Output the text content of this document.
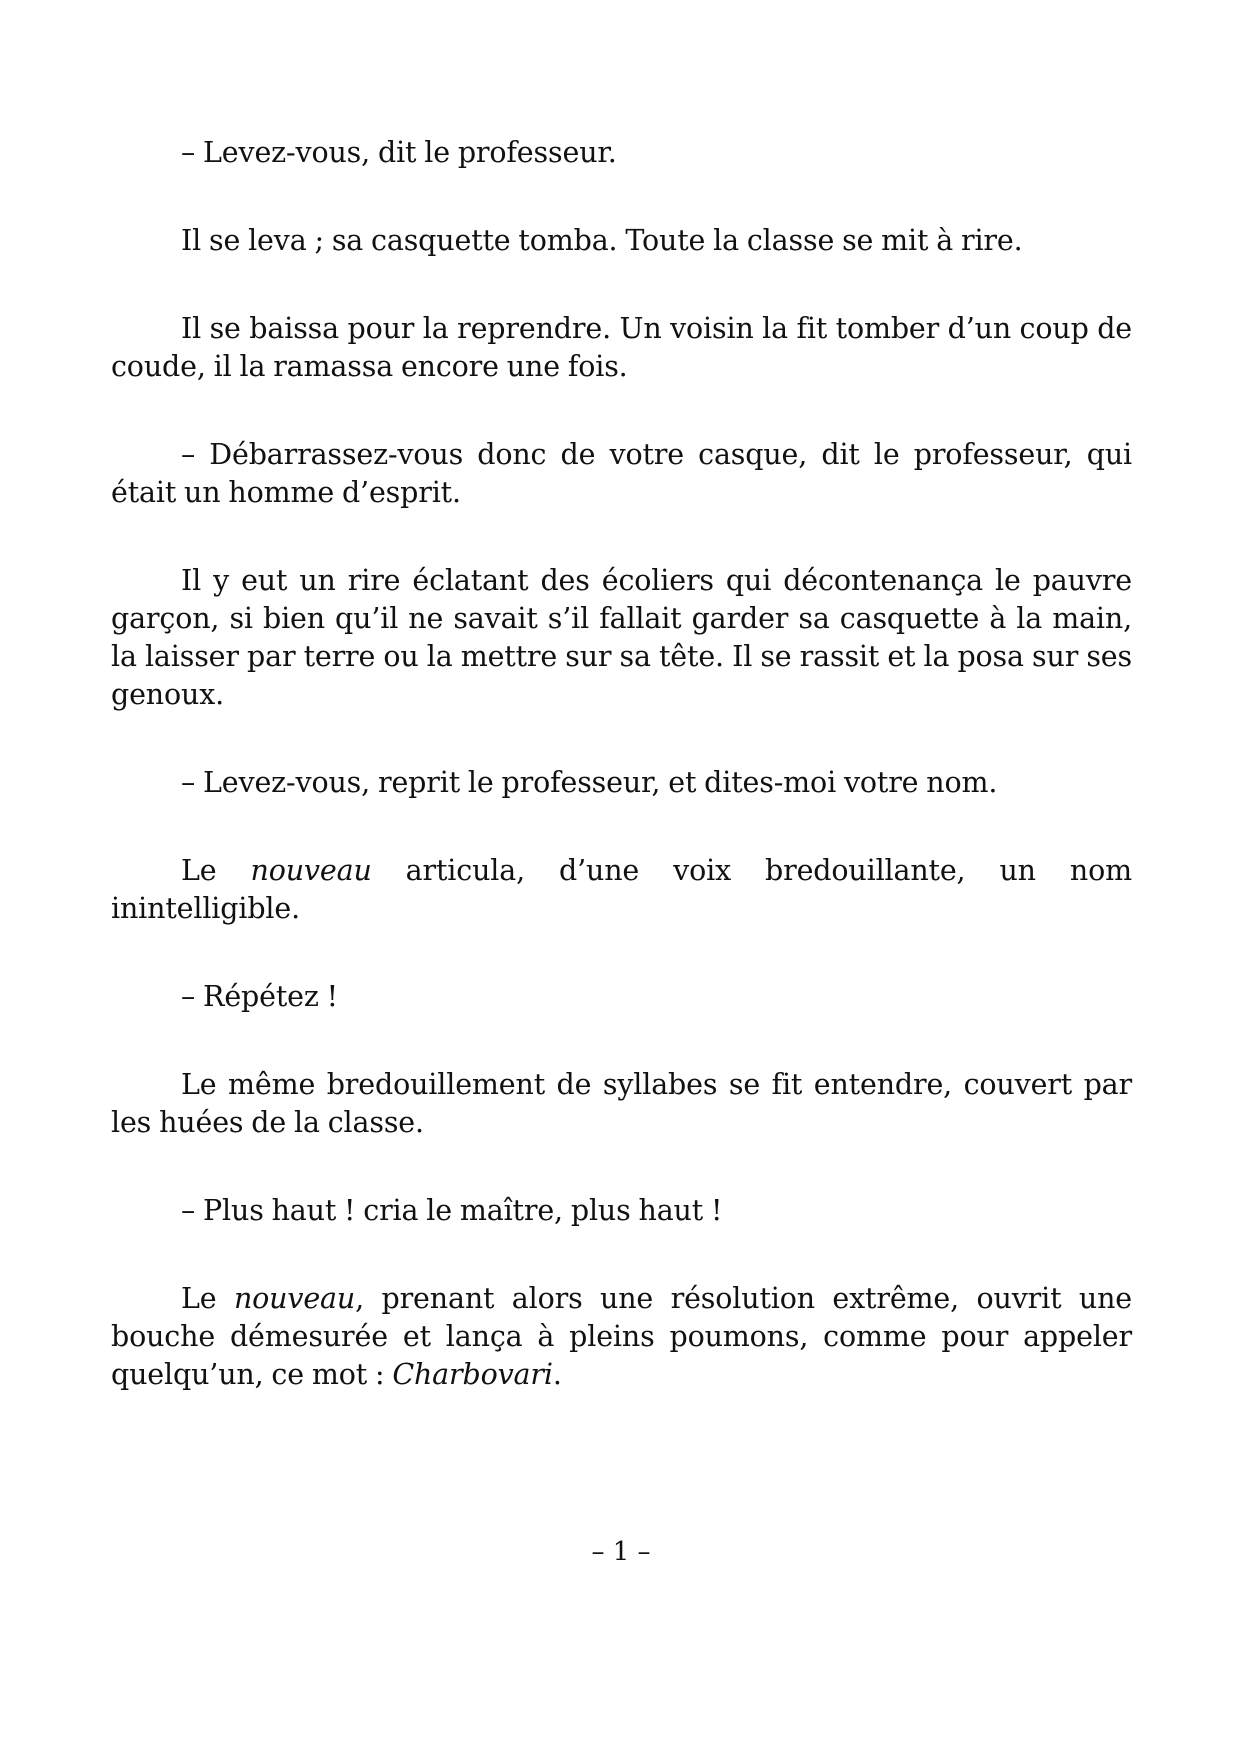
– Levez-vous, dit le professeur.

Il se leva ; sa casquette tomba. Toute la classe se mit à rire.

Il se baissa pour la reprendre. Un voisin la fit tomber d’un coup de coude, il la ramassa encore une fois.

– Débarrassez-vous donc de votre casque, dit le professeur, qui était un homme d’esprit.

Il y eut un rire éclatant des écoliers qui décontenança le pauvre garçon, si bien qu’il ne savait s’il fallait garder sa casquette à la main, la laisser par terre ou la mettre sur sa tête. Il se rassit et la posa sur ses genoux.

– Levez-vous, reprit le professeur, et dites-moi votre nom.

Le nouveau articula, d’une voix bredouillante, un nom inintelligible.

– Répétez !

Le même bredouillement de syllabes se fit entendre, couvert par les huées de la classe.

– Plus haut ! cria le maître, plus haut !

Le nouveau, prenant alors une résolution extrême, ouvrit une bouche démesurée et lança à pleins poumons, comme pour appeler quelqu’un, ce mot : Charbovari.

– 1 –
